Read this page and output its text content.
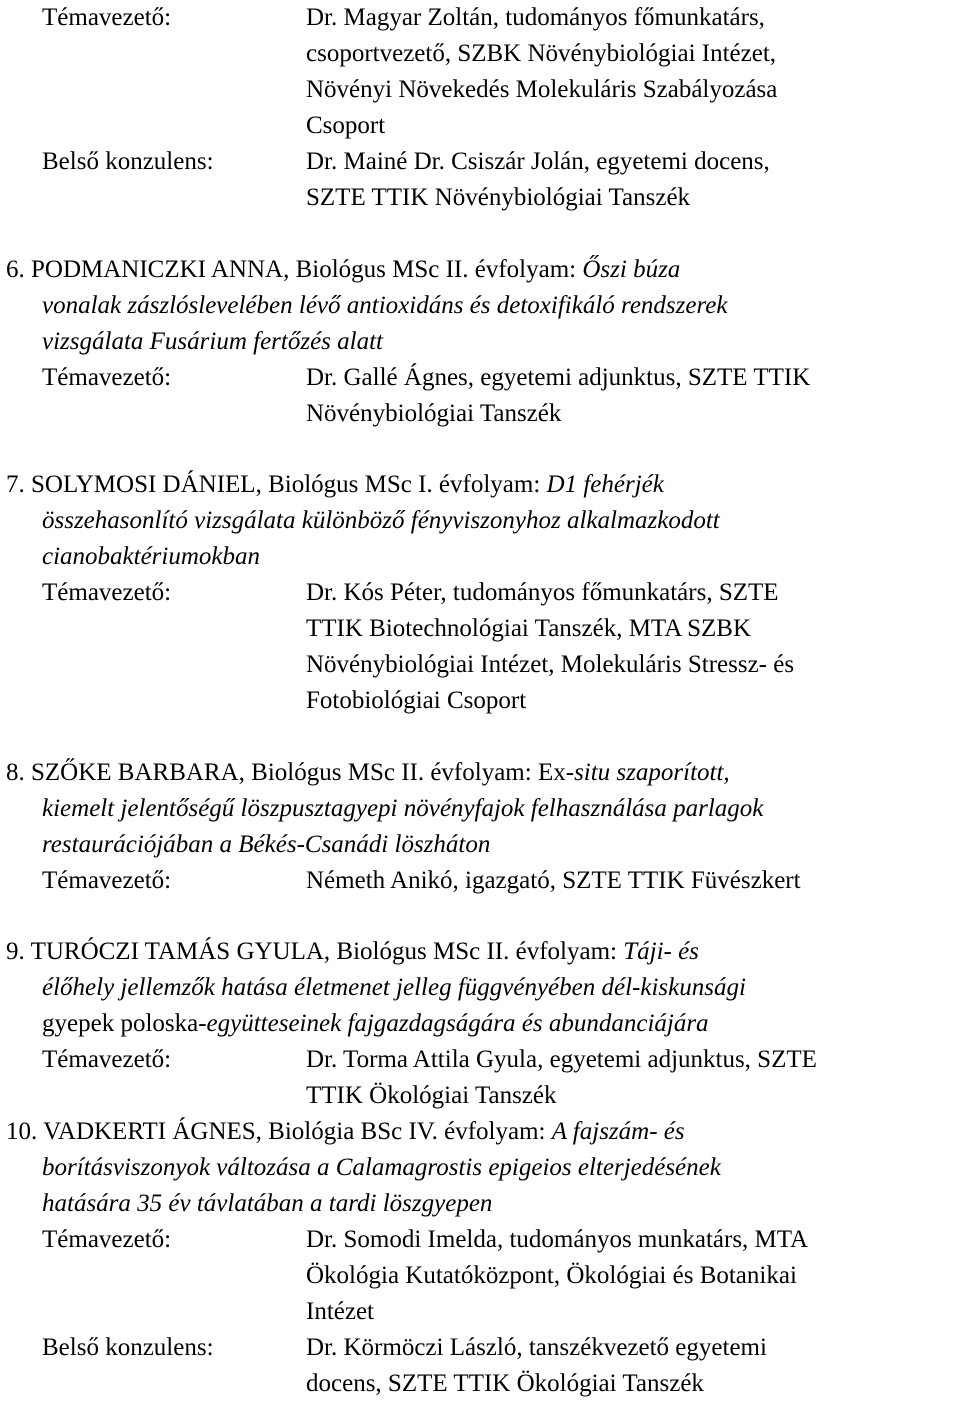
Témavezető:	Dr. Magyar Zoltán, tudományos főmunkatárs,
csoportvezető, SZBK Növénybiológiai Intézet,
Növényi Növekedés Molekuláris Szabályozása
Csoport
Belső konzulens:	Dr. Mainé Dr. Csiszár Jolán, egyetemi docens,
SZTE TTIK Növénybiológiai Tanszék
6. PODMANICZKI ANNA, Biológus MSc II. évfolyam: Őszi búza
vonalak zászlóslevelében lévő antioxidáns és detoxifikáló rendszerek
vizsgálata Fusárium fertőzés alatt
Témavezető:	Dr. Gallé Ágnes, egyetemi adjunktus, SZTE TTIK
Növénybiológiai Tanszék
7. SOLYMOSI DÁNIEL, Biológus MSc I. évfolyam: D1 fehérjék
összehasonlító vizsgálata különböző fényviszonyhoz alkalmazkodott
cianobaktériumokban
Témavezető:	Dr. Kós Péter, tudományos főmunkatárs, SZTE
TTIK Biotechnológiai Tanszék, MTA SZBK
Növénybiológiai Intézet, Molekuláris Stressz- és
Fotobiológiai Csoport
8. SZŐKE BARBARA, Biológus MSc II. évfolyam: Ex-situ szaporított,
kiemelt jelentőségű löszpusztagyepi növényfajok felhasználása parlagok
restaurációjában a Békés-Csanádi löszháton
Témavezető:	Németh Anikó, igazgató, SZTE TTIK Füvészkert
9. TURÓCZI TAMÁS GYULA, Biológus MSc II. évfolyam: Táji- és
élőhely jellemzők hatása életmenet jelleg függvényében dél-kiskunsági
gyepek poloska-együtteseinek fajgazdagságára és abundanciájára
Témavezető:	Dr. Torma Attila Gyula, egyetemi adjunktus, SZTE
TTIK Ökológiai Tanszék
10. VADKERTI ÁGNES, Biológia BSc IV. évfolyam: A fajszám- és
borításviszonyok változása a Calamagrostis epigeios elterjedésének
hatására 35 év távlatában a tardi löszgyepen
Témavezető:	Dr. Somodi Imelda, tudományos munkatárs, MTA
Ökológia Kutatóközpont, Ökológiai és Botanikai
Intézet
Belső konzulens:	Dr. Körmöczi László, tanszékvezető egyetemi
docens, SZTE TTIK Ökológiai Tanszék
